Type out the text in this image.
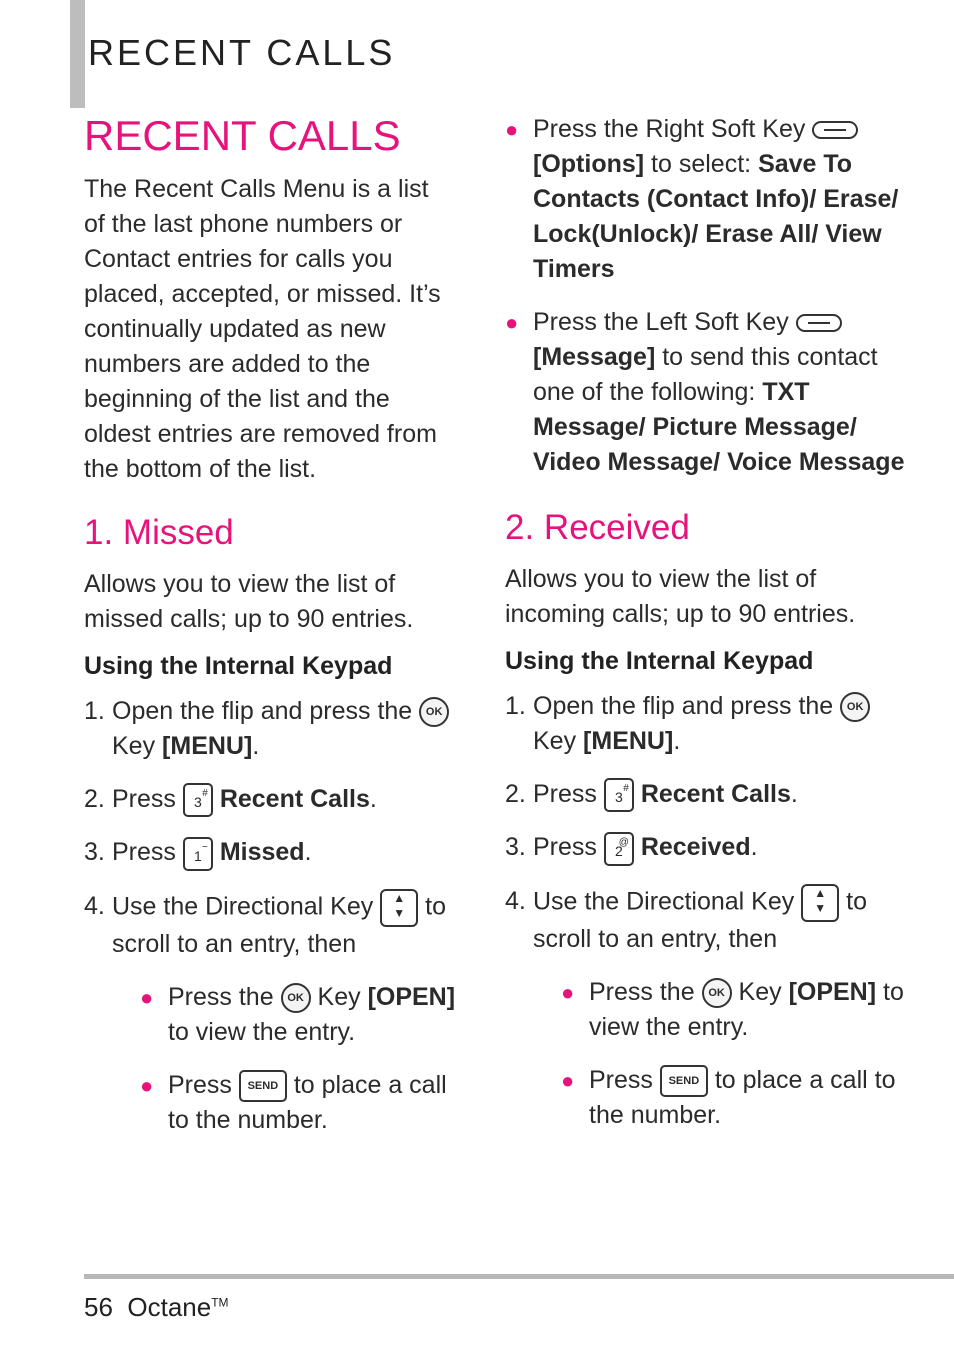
RECENT CALLS
RECENT CALLS

The Recent Calls Menu is a list of the last phone numbers or Contact entries for calls you placed, accepted, or missed. It’s continually updated as new numbers are added to the beginning of the list and the oldest entries are removed from the bottom of the list.

1. Missed

Allows you to view the list of missed calls; up to 90 entries.

Using the Internal Keypad
1. Open the flip and press the OK Key [MENU].
2. Press 3
# Recent Calls.
3. Press 1
~ Missed.
4. Use the Directional Key ▲
▼ to scroll to an entry, then
● Press the OK Key [OPEN] to view the entry.
● Press SEND to place a call to the number.
● Press the Right Soft Key  [Options] to select: Save To Contacts (Contact Info)/ Erase/ Lock(Unlock)/ Erase All/ View Timers
● Press the Left Soft Key  [Message] to send this contact one of the following: TXT Message/ Picture Message/ Video Message/ Voice Message
2. Received

Allows you to view the list of incoming calls; up to 90 entries.

Using the Internal Keypad
1. Open the flip and press the OK Key [MENU].
2. Press 3
# Recent Calls.
3. Press 2
@ Received.
4. Use the Directional Key ▲
▼ to scroll to an entry, then
● Press the OK Key [OPEN] to view the entry.
● Press SEND to place a call to the number.
56 Octane™
